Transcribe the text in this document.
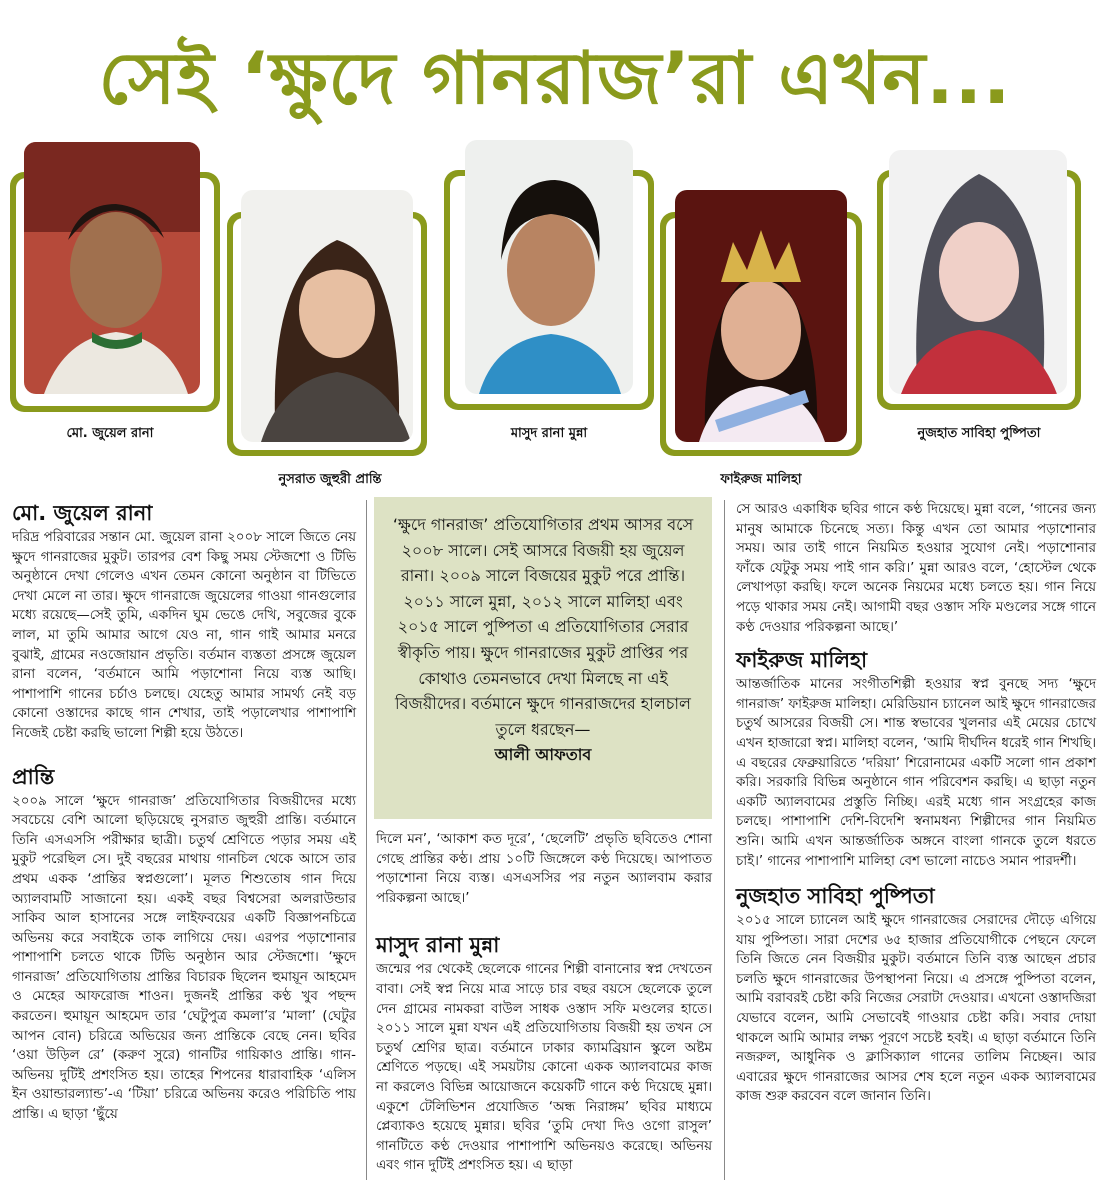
সেই ‘ক্ষুদে গানরাজ’রা এখন...
মো. জুয়েল রানা
নুসরাত জুহুরী প্রান্তি
মাসুদ রানা মুন্না
ফাইরুজ মালিহা
নুজহাত সাবিহা পুষ্পিতা
মো. জুয়েল রানা

দরিদ্র পরিবারের সন্তান মো. জুয়েল রানা ২০০৮ সালে জিতে নেয় ক্ষুদে গানরাজের মুকুট। তারপর বেশ কিছু সময় স্টেজশো ও টিভি অনুষ্ঠানে দেখা গেলেও এখন তেমন কোনো অনুষ্ঠান বা টিভিতে দেখা মেলে না তার। ক্ষুদে গানরাজে জুয়েলের গাওয়া গানগুলোর মধ্যে রয়েছে—সেই তুমি, একদিন ঘুম ভেঙে দেখি, সবুজের বুকে লাল, মা তুমি আমার আগে যেও না, গান গাই আমার মনরে বুঝাই, গ্রামের নওজোয়ান প্রভৃতি। বর্তমান ব্যস্ততা প্রসঙ্গে জুয়েল রানা বলেন, ‘বর্তমানে আমি পড়াশোনা নিয়ে ব্যস্ত আছি। পাশাপাশি গানের চর্চাও চলছে। যেহেতু আমার সামর্থ্য নেই বড় কোনো ওস্তাদের কাছে গান শেখার, তাই পড়ালেখার পাশাপাশি নিজেই চেষ্টা করছি ভালো শিল্পী হয়ে উঠতে।

প্রান্তি

২০০৯ সালে ‘ক্ষুদে গানরাজ’ প্রতিযোগিতার বিজয়ীদের মধ্যে সবচেয়ে বেশি আলো ছড়িয়েছে নুসরাত জুহুরী প্রান্তি। বর্তমানে তিনি এসএসসি পরীক্ষার ছাত্রী। চতুর্থ শ্রেণিতে পড়ার সময় এই মুকুট পরেছিল সে। দুই বছরের মাথায় গানচিল থেকে আসে তার প্রথম একক ‘প্রান্তির স্বপ্নগুলো’। মূলত শিশুতোষ গান দিয়ে অ্যালবামটি সাজানো হয়। একই বছর বিশ্বসেরা অলরাউন্ডার সাকিব আল হাসানের সঙ্গে লাইফবয়ের একটি বিজ্ঞাপনচিত্রে অভিনয় করে সবাইকে তাক লাগিয়ে দেয়। এরপর পড়াশোনার পাশাপাশি চলতে থাকে টিভি অনুষ্ঠান আর স্টেজশো। ‘ক্ষুদে গানরাজ’ প্রতিযোগিতায় প্রান্তির বিচারক ছিলেন হুমায়ূন আহমেদ ও মেহের আফরোজ শাওন। দুজনই প্রান্তির কণ্ঠ খুব পছন্দ করতেন। হুমায়ূন আহমেদ তার ‘ঘেটুপুত্র কমলা’র ‘মালা’ (ঘেটুর আপন বোন) চরিত্রে অভিয়ের জন্য প্রান্তিকে বেছে নেন। ছবির ‘ওয়া উড়িল রে’ (করুণ সুরে) গানটির গায়িকাও প্রান্তি। গান-অভিনয় দুটিই প্রশংসিত হয়। তাহের শিপনের ধারাবাহিক ‘এলিস ইন ওয়ান্ডারল্যান্ড’-এ ‘টিয়া’ চরিত্রে অভিনয় করেও পরিচিতি পায় প্রান্তি। এ ছাড়া ‘ছুঁয়ে

‘ক্ষুদে গানরাজ’ প্রতিযোগিতার প্রথম আসর বসে ২০০৮ সালে। সেই আসরে বিজয়ী হয় জুয়েল রানা। ২০০৯ সালে বিজয়ের মুকুট পরে প্রান্তি। ২০১১ সালে মুন্না, ২০১২ সালে মালিহা এবং ২০১৫ সালে পুষ্পিতা এ প্রতিযোগিতার সেরার স্বীকৃতি পায়। ক্ষুদে গানরাজের মুকুট প্রাপ্তির পর কোথাও তেমনভাবে দেখা মিলছে না এই বিজয়ীদের। বর্তমানে ক্ষুদে গানরাজদের হালচাল তুলে ধরছেন—
আলী আফতাব

দিলে মন’, ‘আকাশ কত দূরে’, ‘ছেলেটি’ প্রভৃতি ছবিতেও শোনা গেছে প্রান্তির কণ্ঠ। প্রায় ১০টি জিঙ্গেলে কণ্ঠ দিয়েছে। আপাতত পড়াশোনা নিয়ে ব্যস্ত। এসএসসির পর নতুন অ্যালবাম করার পরিকল্পনা আছে।’

মাসুদ রানা মুন্না

জন্মের পর থেকেই ছেলেকে গানের শিল্পী বানানোর স্বপ্ন দেখতেন বাবা। সেই স্বপ্ন নিয়ে মাত্র সাড়ে চার বছর বয়সে ছেলেকে তুলে দেন গ্রামের নামকরা বাউল সাধক ওস্তাদ সফি মণ্ডলের হাতে। ২০১১ সালে মুন্না যখন এই প্রতিযোগিতায় বিজয়ী হয় তখন সে চতুর্থ শ্রেণির ছাত্র। বর্তমানে ঢাকার ক্যামব্রিয়ান স্কুলে অষ্টম শ্রেণিতে পড়ছে। এই সময়টায় কোনো একক অ্যালবামের কাজ না করলেও বিভিন্ন আয়োজনে কয়েকটি গানে কণ্ঠ দিয়েছে মুন্না। একুশে টেলিভিশন প্রযোজিত ‘অন্ধ নিরাঙ্গম’ ছবির মাধ্যমে প্লেব্যাকও হয়েছে মুন্নার। ছবির ‘তুমি দেখা দিও ওগো রাসুল’ গানটিতে কণ্ঠ দেওয়ার পাশাপাশি অভিনয়ও করেছে। অভিনয় এবং গান দুটিই প্রশংসিত হয়। এ ছাড়া

সে আরও একাধিক ছবির গানে কণ্ঠ দিয়েছে। মুন্না বলে, ‘গানের জন্য মানুষ আমাকে চিনেছে সত্য। কিন্তু এখন তো আমার পড়াশোনার সময়। আর তাই গানে নিয়মিত হওয়ার সুযোগ নেই। পড়াশোনার ফাঁকে যেটুকু সময় পাই গান করি।’ মুন্না আরও বলে, ‘হোস্টেল থেকে লেখাপড়া করছি। ফলে অনেক নিয়মের মধ্যে চলতে হয়। গান নিয়ে পড়ে থাকার সময় নেই। আগামী বছর ওস্তাদ সফি মণ্ডলের সঙ্গে গানে কণ্ঠ দেওয়ার পরিকল্পনা আছে।’

ফাইরুজ মালিহা

আন্তর্জাতিক মানের সংগীতশিল্পী হওয়ার স্বপ্ন বুনছে সদ্য ‘ক্ষুদে গানরাজ’ ফাইরুজ মালিহা। মেরিডিয়ান চ্যানেল আই ক্ষুদে গানরাজের চতুর্থ আসরের বিজয়ী সে। শান্ত স্বভাবের খুলনার এই মেয়ের চোখে এখন হাজারো স্বপ্ন। মালিহা বলেন, ‘আমি দীর্ঘদিন ধরেই গান শিখছি। এ বছরের ফেব্রুয়ারিতে ‘দরিয়া’ শিরোনামের একটি সলো গান প্রকাশ করি। সরকারি বিভিন্ন অনুষ্ঠানে গান পরিবেশন করছি। এ ছাড়া নতুন একটি অ্যালবামের প্রস্তুতি নিচ্ছি। এরই মধ্যে গান সংগ্রহের কাজ চলছে। পাশাপাশি দেশি-বিদেশি স্বনামধন্য শিল্পীদের গান নিয়মিত শুনি। আমি এখন আন্তর্জাতিক অঙ্গনে বাংলা গানকে তুলে ধরতে চাই।’ গানের পাশাপাশি মালিহা বেশ ভালো নাচেও সমান পারদর্শী।

নুজহাত সাবিহা পুষ্পিতা

২০১৫ সালে চ্যানেল আই ক্ষুদে গানরাজের সেরাদের দৌড়ে এগিয়ে যায় পুষ্পিতা। সারা দেশের ৬৫ হাজার প্রতিযোগীকে পেছনে ফেলে তিনি জিতে নেন বিজয়ীর মুকুট। বর্তমানে তিনি ব্যস্ত আছেন প্রচার চলতি ক্ষুদে গানরাজের উপস্থাপনা নিয়ে। এ প্রসঙ্গে পুষ্পিতা বলেন, আমি বরাবরই চেষ্টা করি নিজের সেরাটা দেওয়ার। এখনো ওস্তাদজিরা যেভাবে বলেন, আমি সেভাবেই গাওয়ার চেষ্টা করি। সবার দোয়া থাকলে আমি আমার লক্ষ্য পূরণে সচেষ্ট হবই। এ ছাড়া বর্তমানে তিনি নজরুল, আধুনিক ও ক্লাসিক্যাল গানের তালিম নিচ্ছেন। আর এবারের ক্ষুদে গানরাজের আসর শেষ হলে নতুন একক অ্যালবামের কাজ শুরু করবেন বলে জানান তিনি।
